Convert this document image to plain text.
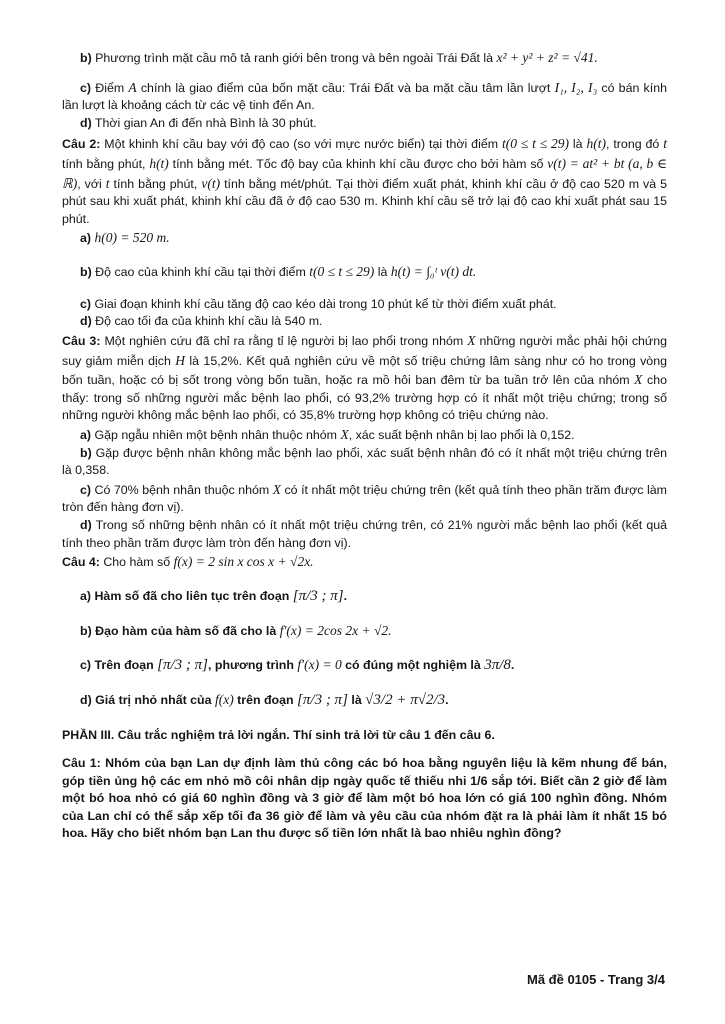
b) Phương trình mặt cầu mô tả ranh giới bên trong và bên ngoài Trái Đất là x² + y² + z² = √41.

c) Điểm A chính là giao điểm của bốn mặt cầu: Trái Đất và ba mặt cầu tâm lần lượt I₁, I₂, I₃ có bán kính lần lượt là khoảng cách từ các vệ tinh đến An.

d) Thời gian An đi đến nhà Bình là 30 phút.

Câu 2: Một khinh khí cầu bay với độ cao (so với mực nước biển) tại thời điểm t(0 ≤ t ≤ 29) là h(t), trong đó t tính bằng phút, h(t) tính bằng mét. Tốc độ bay của khinh khí cầu được cho bởi hàm số v(t) = at² + bt (a, b ∈ ℝ), với t tính bằng phút, v(t) tính bằng mét/phút. Tại thời điểm xuất phát, khinh khí cầu ở độ cao 520 m và 5 phút sau khi xuất phát, khinh khí cầu đã ở độ cao 530 m. Khinh khí cầu sẽ trở lại độ cao khi xuất phát sau 15 phút.

a) h(0) = 520 m.

b) Độ cao của khinh khí cầu tại thời điểm t(0 ≤ t ≤ 29) là h(t) = ∫₀ᵗ v(t) dt.

c) Giai đoạn khinh khí cầu tăng độ cao kéo dài trong 10 phút kể từ thời điểm xuất phát.

d) Độ cao tối đa của khinh khí cầu là 540 m.

Câu 3: Một nghiên cứu đã chỉ ra rằng tỉ lệ người bị lao phổi trong nhóm X những người mắc phải hội chứng suy giảm miễn dịch H là 15,2%. Kết quả nghiên cứu về một số triệu chứng lâm sàng như có ho trong vòng bốn tuần, hoặc có bị sốt trong vòng bốn tuần, hoặc ra mồ hôi ban đêm từ ba tuần trở lên của nhóm X cho thấy: trong số những người mắc bệnh lao phổi, có 93,2% trường hợp có ít nhất một triệu chứng; trong số những người không mắc bệnh lao phổi, có 35,8% trường hợp không có triệu chứng nào.

a) Gặp ngẫu nhiên một bệnh nhân thuộc nhóm X, xác suất bệnh nhân bị lao phổi là 0,152.

b) Gặp được bệnh nhân không mắc bệnh lao phổi, xác suất bệnh nhân đó có ít nhất một triệu chứng trên là 0,358.

c) Có 70% bệnh nhân thuộc nhóm X có ít nhất một triệu chứng trên (kết quả tính theo phần trăm được làm tròn đến hàng đơn vị).

d) Trong số những bệnh nhân có ít nhất một triệu chứng trên, có 21% người mắc bệnh lao phổi (kết quả tính theo phần trăm được làm tròn đến hàng đơn vị).

Câu 4: Cho hàm số f(x) = 2 sin x cos x + √2x.

a) Hàm số đã cho liên tục trên đoạn [π/3 ; π].

b) Đạo hàm của hàm số đã cho là f′(x) = 2cos 2x + √2.

c) Trên đoạn [π/3 ; π], phương trình f′(x) = 0 có đúng một nghiệm là 3π/8.

d) Giá trị nhỏ nhất của f(x) trên đoạn [π/3 ; π] là √3/2 + π√2/3.

PHẦN III. Câu trắc nghiệm trả lời ngắn. Thí sinh trả lời từ câu 1 đến câu 6.

Câu 1: Nhóm của bạn Lan dự định làm thủ công các bó hoa bằng nguyên liệu là kẽm nhung để bán, góp tiền ủng hộ các em nhỏ mồ côi nhân dịp ngày quốc tế thiếu nhi 1/6 sắp tới. Biết cần 2 giờ để làm một bó hoa nhỏ có giá 60 nghìn đồng và 3 giờ để làm một bó hoa lớn có giá 100 nghìn đồng. Nhóm của Lan chỉ có thể sắp xếp tối đa 36 giờ để làm và yêu cầu của nhóm đặt ra là phải làm ít nhất 15 bó hoa. Hãy cho biết nhóm bạn Lan thu được số tiền lớn nhất là bao nhiêu nghìn đồng?

Mã đề 0105 - Trang 3/4
